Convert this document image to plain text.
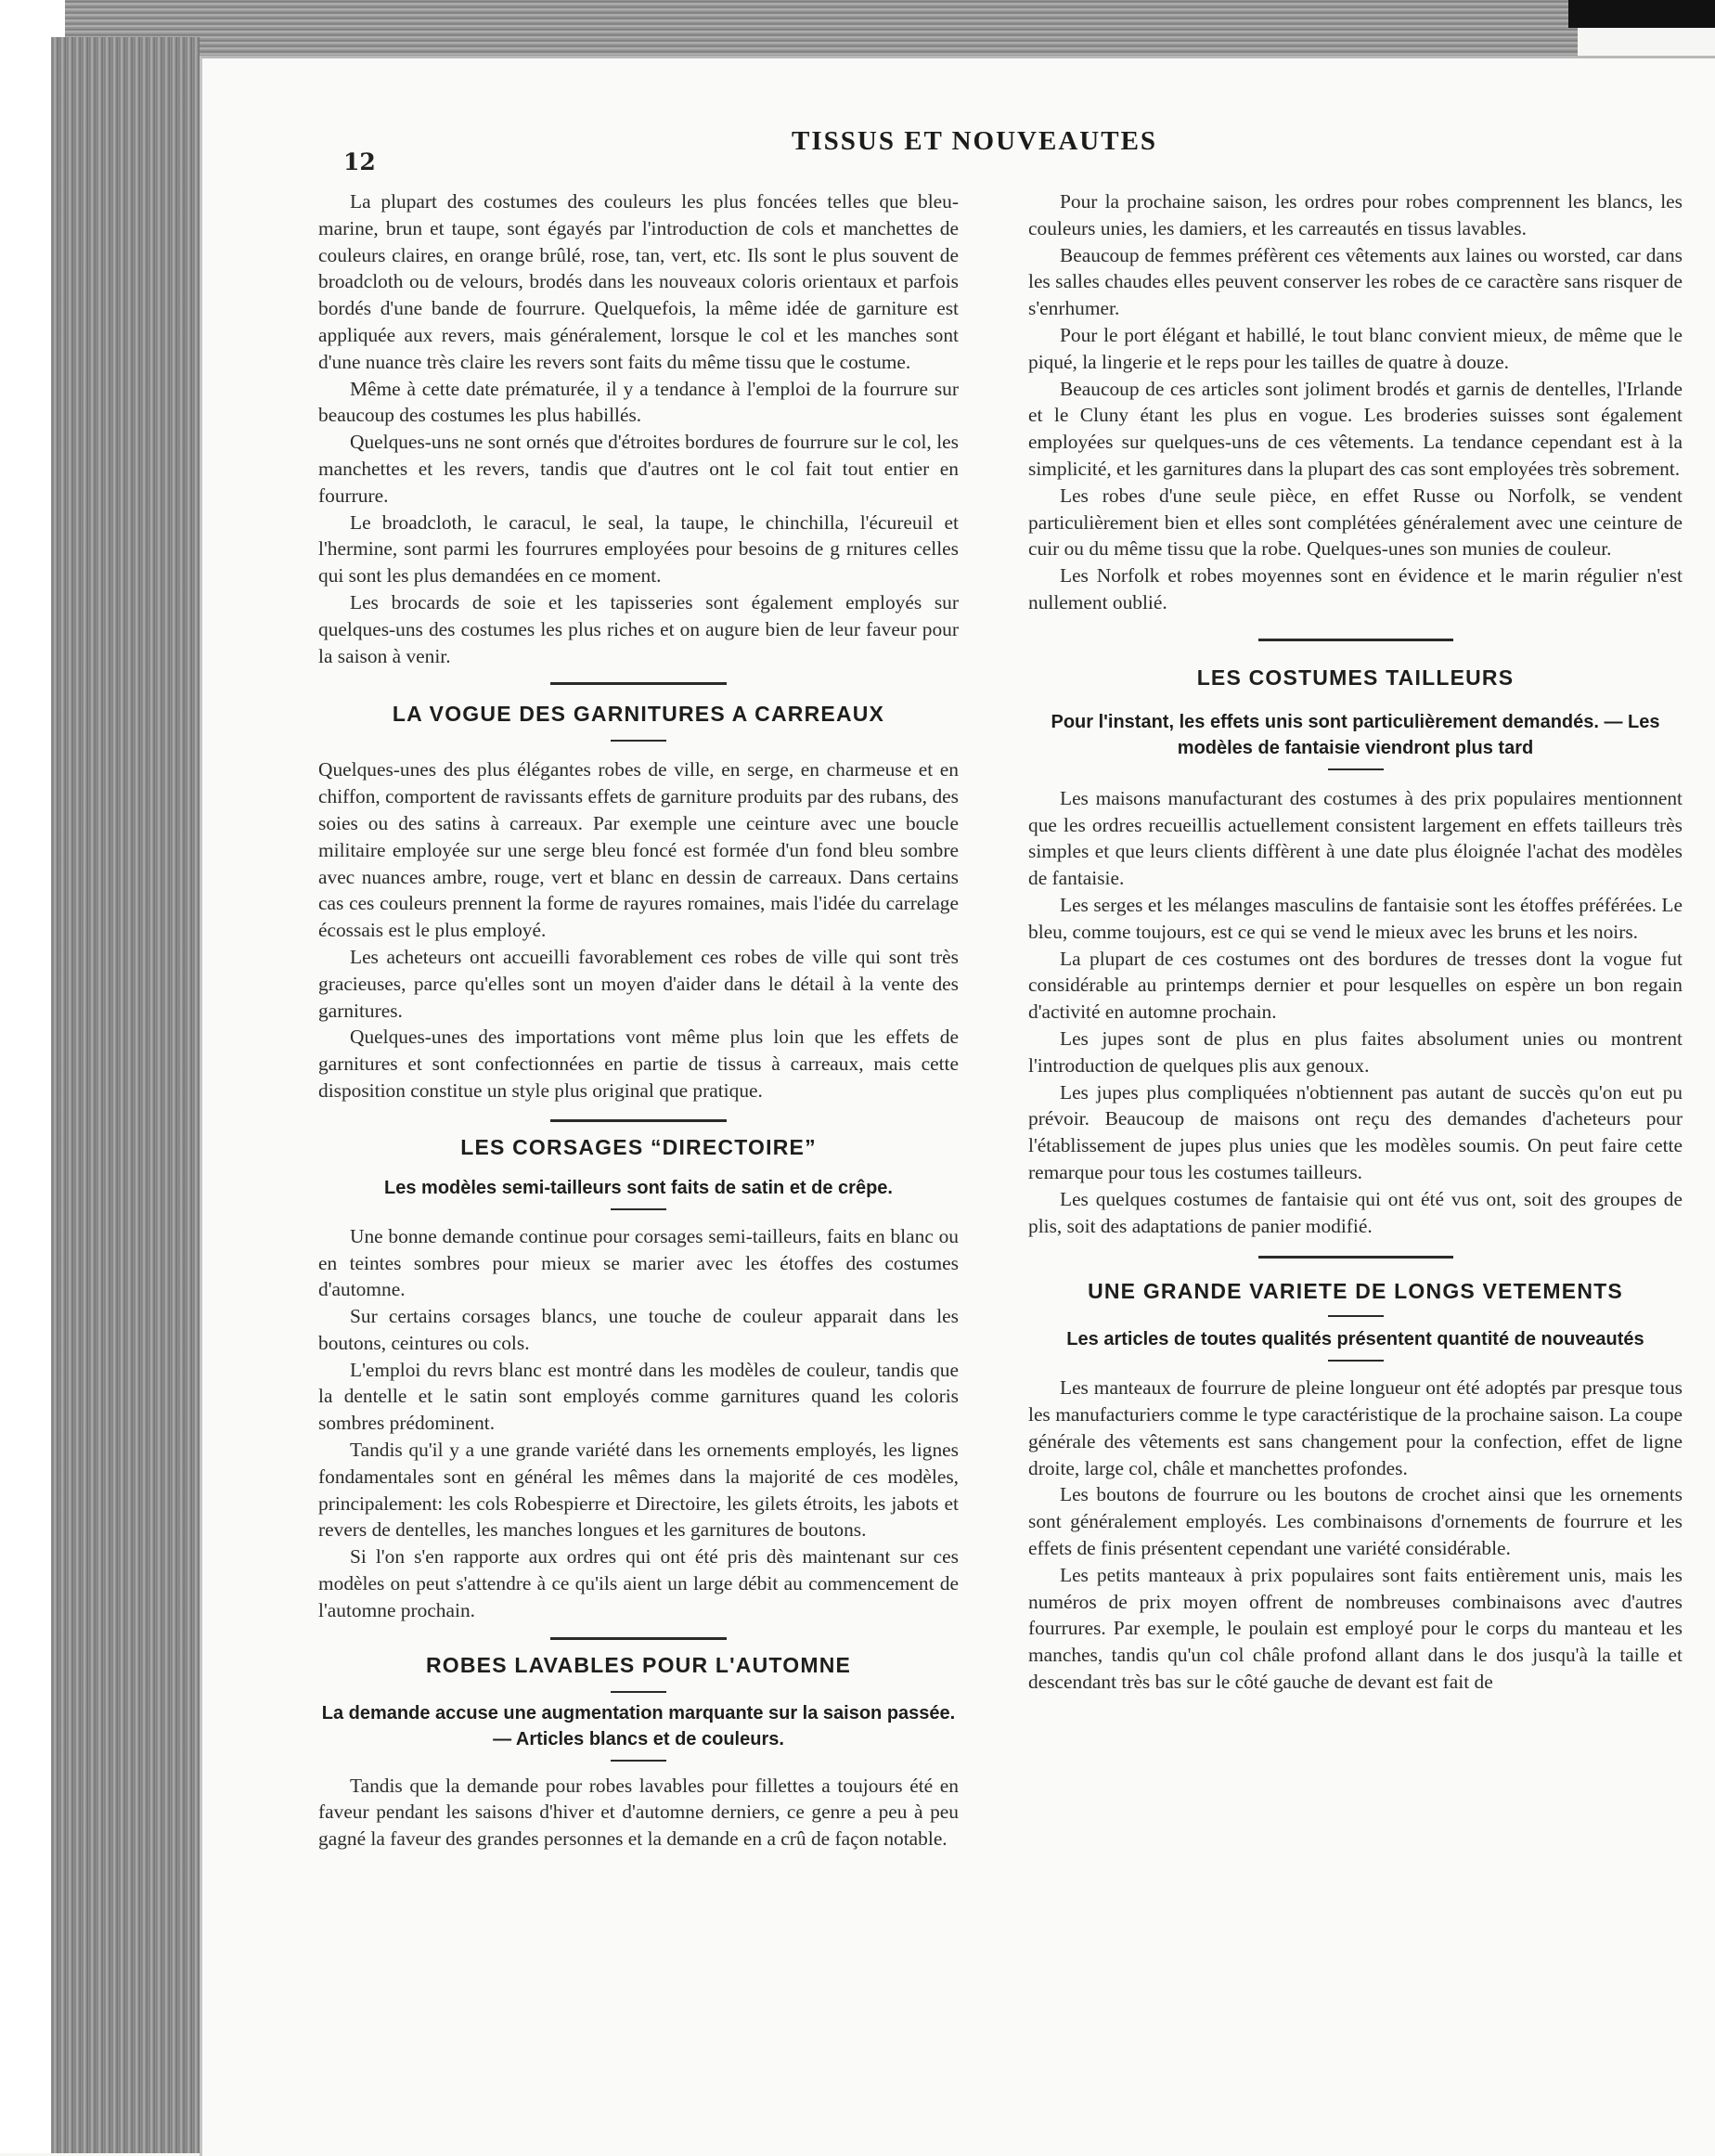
12
TISSUS ET NOUVEAUTES

La plupart des costumes des couleurs les plus foncées telles que bleu-marine, brun et taupe, sont égayés par l'introduction de cols et manchettes de couleurs claires, en orange brûlé, rose, tan, vert, etc. Ils sont le plus souvent de broadcloth ou de velours, brodés dans les nouveaux coloris orientaux et parfois bordés d'une bande de fourrure. Quelquefois, la même idée de garniture est appliquée aux revers, mais généralement, lorsque le col et les manches sont d'une nuance très claire les revers sont faits du même tissu que le costume.

Même à cette date prématurée, il y a tendance à l'emploi de la fourrure sur beaucoup des costumes les plus habillés.

Quelques-uns ne sont ornés que d'étroites bordures de fourrure sur le col, les manchettes et les revers, tandis que d'autres ont le col fait tout entier en fourrure.

Le broadcloth, le caracul, le seal, la taupe, le chinchilla, l'écureuil et l'hermine, sont parmi les fourrures employées pour besoins de g rnitures celles qui sont les plus demandées en ce moment.

Les brocards de soie et les tapisseries sont également employés sur quelques-uns des costumes les plus riches et on augure bien de leur faveur pour la saison à venir.

LA VOGUE DES GARNITURES A CARREAUX

Quelques-unes des plus élégantes robes de ville, en serge, en charmeuse et en chiffon, comportent de ravissants effets de garniture produits par des rubans, des soies ou des satins à carreaux. Par exemple une ceinture avec une boucle militaire employée sur une serge bleu foncé est formée d'un fond bleu sombre avec nuances ambre, rouge, vert et blanc en dessin de carreaux. Dans certains cas ces couleurs prennent la forme de rayures romaines, mais l'idée du carrelage écossais est le plus employé.

Les acheteurs ont accueilli favorablement ces robes de ville qui sont très gracieuses, parce qu'elles sont un moyen d'aider dans le détail à la vente des garnitures.

Quelques-unes des importations vont même plus loin que les effets de garnitures et sont confectionnées en partie de tissus à carreaux, mais cette disposition constitue un style plus original que pratique.

LES CORSAGES “DIRECTOIRE”
Les modèles semi-tailleurs sont faits de satin et de crêpe.

Une bonne demande continue pour corsages semi-tailleurs, faits en blanc ou en teintes sombres pour mieux se marier avec les étoffes des costumes d'automne.

Sur certains corsages blancs, une touche de couleur apparait dans les boutons, ceintures ou cols.

L'emploi du revrs blanc est montré dans les modèles de couleur, tandis que la dentelle et le satin sont employés comme garnitures quand les coloris sombres prédominent.

Tandis qu'il y a une grande variété dans les ornements employés, les lignes fondamentales sont en général les mêmes dans la majorité de ces modèles, principalement: les cols Robespierre et Directoire, les gilets étroits, les jabots et revers de dentelles, les manches longues et les garnitures de boutons.

Si l'on s'en rapporte aux ordres qui ont été pris dès maintenant sur ces modèles on peut s'attendre à ce qu'ils aient un large débit au commencement de l'automne prochain.

ROBES LAVABLES POUR L'AUTOMNE
La demande accuse une augmentation marquante sur la saison passée. — Articles blancs et de couleurs.

Tandis que la demande pour robes lavables pour fillettes a toujours été en faveur pendant les saisons d'hiver et d'automne derniers, ce genre a peu à peu gagné la faveur des grandes personnes et la demande en a crû de façon notable.

Pour la prochaine saison, les ordres pour robes comprennent les blancs, les couleurs unies, les damiers, et les carreautés en tissus lavables.

Beaucoup de femmes préfèrent ces vêtements aux laines ou worsted, car dans les salles chaudes elles peuvent conserver les robes de ce caractère sans risquer de s'enrhumer.

Pour le port élégant et habillé, le tout blanc convient mieux, de même que le piqué, la lingerie et le reps pour les tailles de quatre à douze.

Beaucoup de ces articles sont joliment brodés et garnis de dentelles, l'Irlande et le Cluny étant les plus en vogue. Les broderies suisses sont également employées sur quelques-uns de ces vêtements. La tendance cependant est à la simplicité, et les garnitures dans la plupart des cas sont employées très sobrement.

Les robes d'une seule pièce, en effet Russe ou Norfolk, se vendent particulièrement bien et elles sont complétées généralement avec une ceinture de cuir ou du même tissu que la robe. Quelques-unes son munies de couleur.

Les Norfolk et robes moyennes sont en évidence et le marin régulier n'est nullement oublié.

LES COSTUMES TAILLEURS
Pour l'instant, les effets unis sont particulièrement demandés. — Les modèles de fantaisie viendront plus tard

Les maisons manufacturant des costumes à des prix populaires mentionnent que les ordres recueillis actuellement consistent largement en effets tailleurs très simples et que leurs clients diffèrent à une date plus éloignée l'achat des modèles de fantaisie.

Les serges et les mélanges masculins de fantaisie sont les étoffes préférées. Le bleu, comme toujours, est ce qui se vend le mieux avec les bruns et les noirs.

La plupart de ces costumes ont des bordures de tresses dont la vogue fut considérable au printemps dernier et pour lesquelles on espère un bon regain d'activité en automne prochain.

Les jupes sont de plus en plus faites absolument unies ou montrent l'introduction de quelques plis aux genoux.

Les jupes plus compliquées n'obtiennent pas autant de succès qu'on eut pu prévoir. Beaucoup de maisons ont reçu des demandes d'acheteurs pour l'établissement de jupes plus unies que les modèles soumis. On peut faire cette remarque pour tous les costumes tailleurs.

Les quelques costumes de fantaisie qui ont été vus ont, soit des groupes de plis, soit des adaptations de panier modifié.

UNE GRANDE VARIETE DE LONGS VETEMENTS
Les articles de toutes qualités présentent quantité de nouveautés

Les manteaux de fourrure de pleine longueur ont été adoptés par presque tous les manufacturiers comme le type caractéristique de la prochaine saison. La coupe générale des vêtements est sans changement pour la confection, effet de ligne droite, large col, châle et manchettes profondes.

Les boutons de fourrure ou les boutons de crochet ainsi que les ornements sont généralement employés. Les combinaisons d'ornements de fourrure et les effets de finis présentent cependant une variété considérable.

Les petits manteaux à prix populaires sont faits entièrement unis, mais les numéros de prix moyen offrent de nombreuses combinaisons avec d'autres fourrures. Par exemple, le poulain est employé pour le corps du manteau et les manches, tandis qu'un col châle profond allant dans le dos jusqu'à la taille et descendant très bas sur le côté gauche de devant est fait de
